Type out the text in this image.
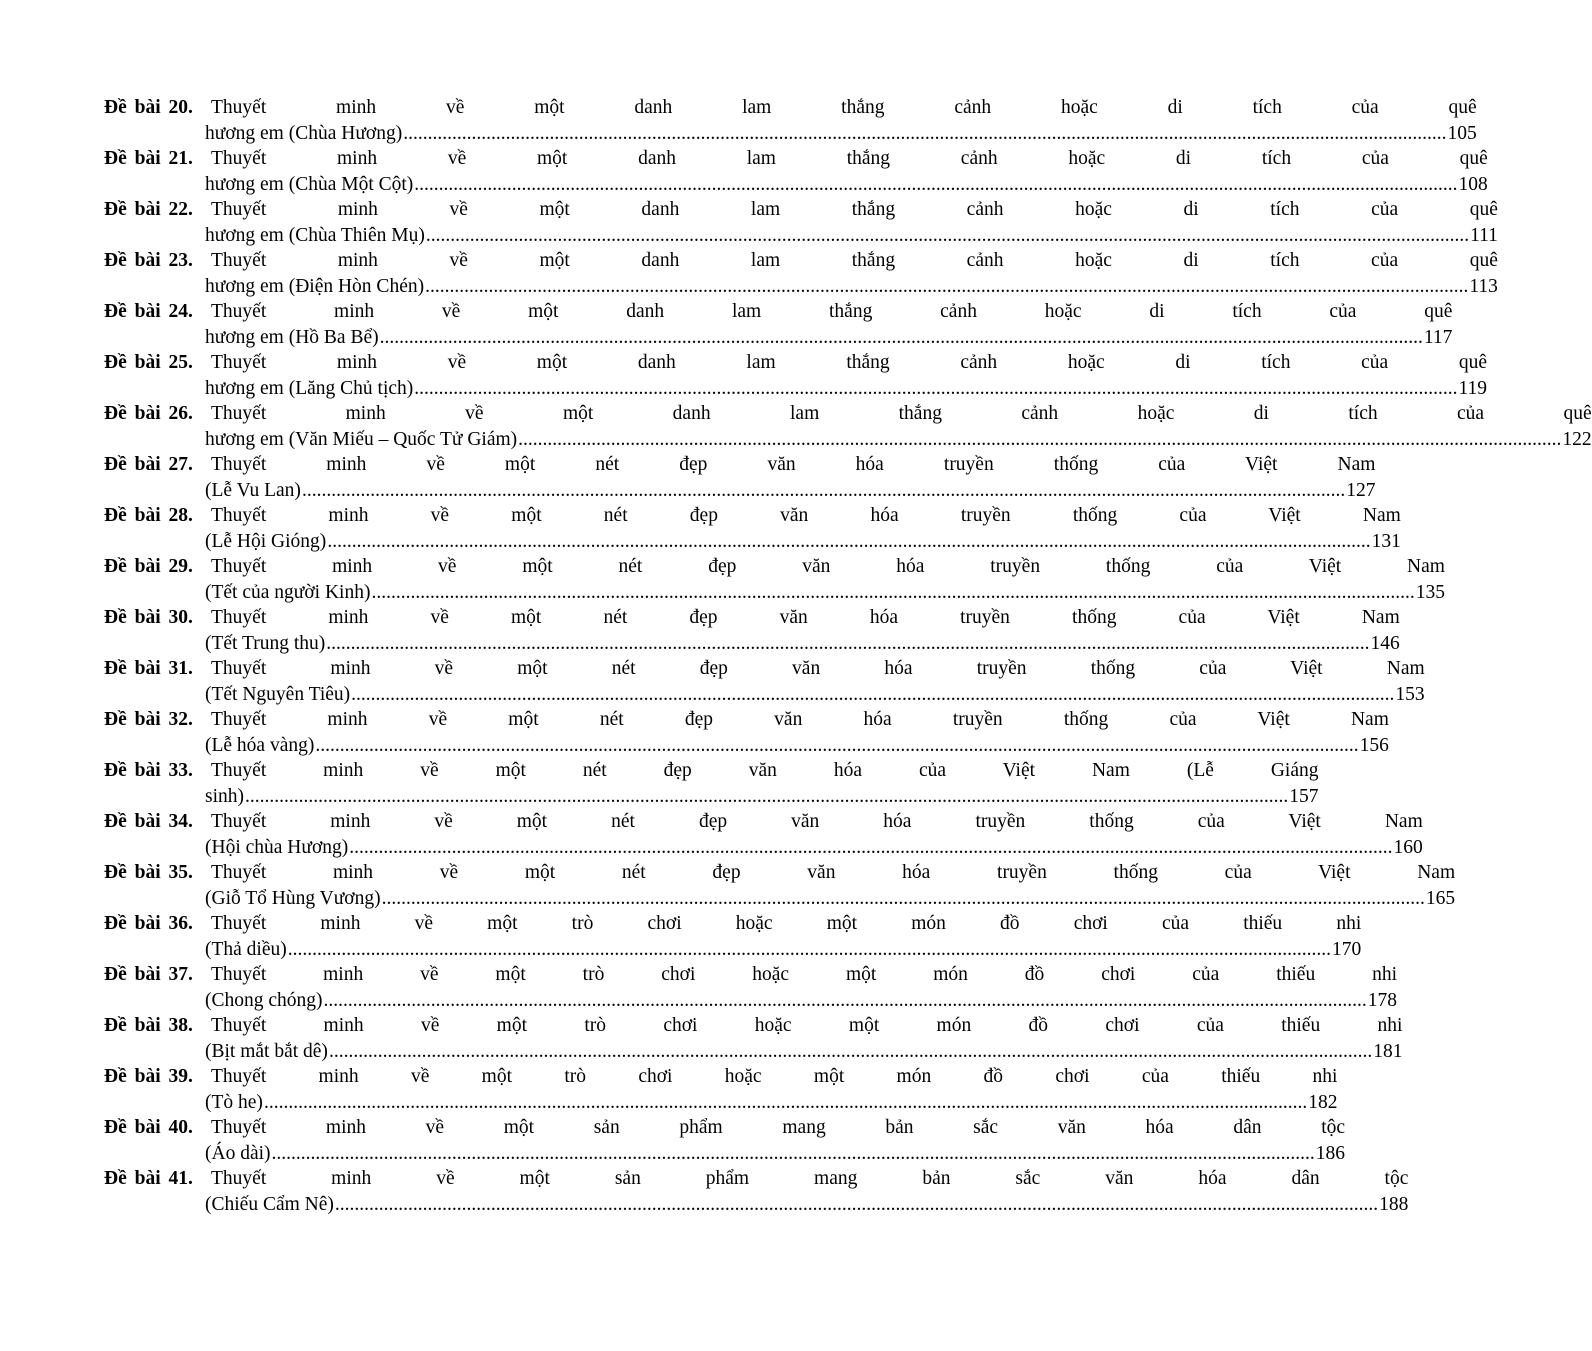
Đề bài 20. Thuyết minh về một danh lam thắng cảnh hoặc di tích của quê
hương em (Chùa Hương) .....	105
Đề bài 21. Thuyết minh về một danh lam thắng cảnh hoặc di tích của quê
hương em (Chùa Một Cột) .....	108
Đề bài 22. Thuyết minh về một danh lam thắng cảnh hoặc di tích của quê
hương em (Chùa Thiên Mụ) .....	111
Đề bài 23. Thuyết minh về một danh lam thắng cảnh hoặc di tích của quê
hương em (Điện Hòn Chén) .....	113
Đề bài 24. Thuyết minh về một danh lam thắng cảnh hoặc di tích của quê
hương em (Hồ Ba Bể) .....	117
Đề bài 25. Thuyết minh về một danh lam thắng cảnh hoặc di tích của quê
hương em (Lăng Chủ tịch) .....	119
Đề bài 26. Thuyết minh về một danh lam thắng cảnh hoặc di tích của quê
hương em (Văn Miếu – Quốc Tử Giám) .....	122
Đề bài 27. Thuyết minh về một nét đẹp văn hóa truyền thống của Việt Nam
(Lễ Vu Lan) .....	127
Đề bài 28. Thuyết minh về một nét đẹp văn hóa truyền thống của Việt Nam
(Lễ Hội Gióng) .....	131
Đề bài 29. Thuyết minh về một nét đẹp văn hóa truyền thống của Việt Nam
(Tết của người Kinh) .....	135
Đề bài 30. Thuyết minh về một nét đẹp văn hóa truyền thống của Việt Nam
(Tết Trung thu) .....	146
Đề bài 31. Thuyết minh về một nét đẹp văn hóa truyền thống của Việt Nam
(Tết Nguyên Tiêu) .....	153
Đề bài 32. Thuyết minh về một nét đẹp văn hóa truyền thống của Việt Nam
(Lễ hóa vàng) .....	156
Đề bài 33. Thuyết minh về một nét đẹp văn hóa của Việt Nam (Lễ Giáng
sinh) .....	157
Đề bài 34. Thuyết minh về một nét đẹp văn hóa truyền thống của Việt Nam
(Hội chùa Hương) .....	160
Đề bài 35. Thuyết minh về một nét đẹp văn hóa truyền thống của Việt Nam
(Giỗ Tổ Hùng Vương) .....	165
Đề bài 36. Thuyết minh về một trò chơi hoặc một món đồ chơi của thiếu nhi
(Thả diều) .....	170
Đề bài 37. Thuyết minh về một trò chơi hoặc một món đồ chơi của thiếu nhi
(Chong chóng) .....	178
Đề bài 38. Thuyết minh về một trò chơi hoặc một món đồ chơi của thiếu nhi
(Bịt mắt bắt dê) .....	181
Đề bài 39. Thuyết minh về một trò chơi hoặc một món đồ chơi của thiếu nhi
(Tò he) .....	182
Đề bài 40. Thuyết minh về một sản phẩm mang bản sắc văn hóa dân tộc
(Áo dài) .....	186
Đề bài 41. Thuyết minh về một sản phẩm mang bản sắc văn hóa dân tộc
(Chiếu Cẩm Nê) .....	188
